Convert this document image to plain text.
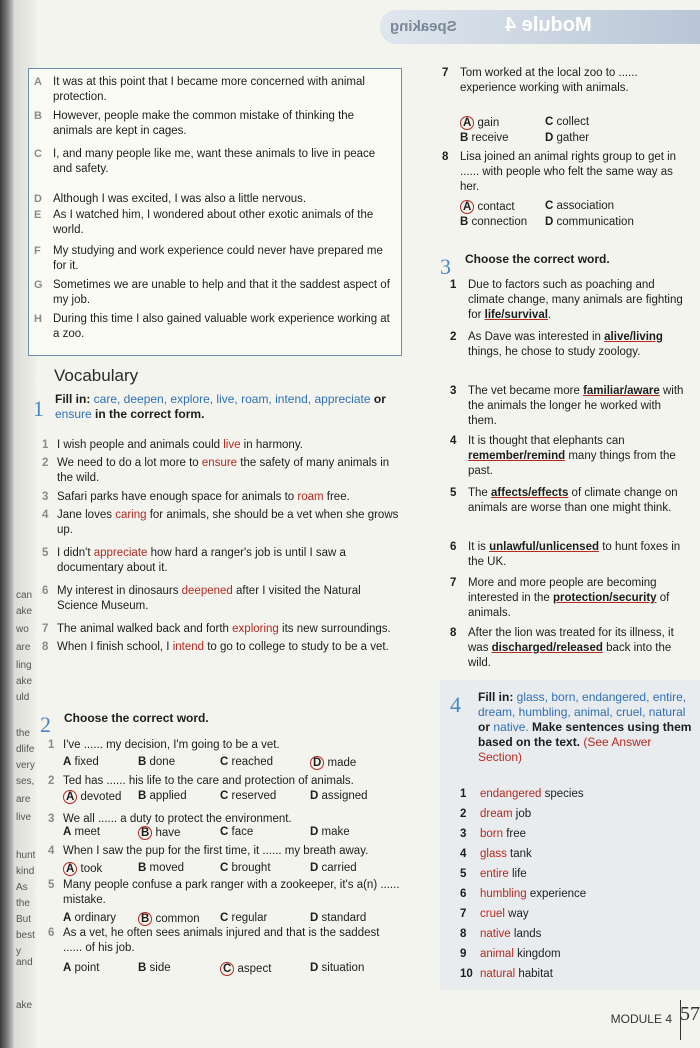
can
ake
wo
are
ling
ake
uld
the
dlife
very
ses,
are
live
hunt
kind
As
the
But
best
y and
ake
Speaking Module 4
A It was at this point that I became more concerned with animal protection.
B However, people make the common mistake of thinking the animals are kept in cages.
C I, and many people like me, want these animals to live in peace and safety.
D Although I was excited, I was also a little nervous.
E As I watched him, I wondered about other exotic animals of the world.
F My studying and work experience could never have prepared me for it.
G Sometimes we are unable to help and that it the saddest aspect of my job.
H During this time I also gained valuable work experience working at a zoo.
Vocabulary
1 Fill in: care, deepen, explore, live, roam, intend, appreciate or ensure in the correct form.
1 I wish people and animals could live in harmony.
2 We need to do a lot more to ensure the safety of many animals in the wild.
3 Safari parks have enough space for animals to roam free.
4 Jane loves caring for animals, she should be a vet when she grows up.
5 I didn't appreciate how hard a ranger's job is until I saw a documentary about it.
6 My interest in dinosaurs deepened after I visited the Natural Science Museum.
7 The animal walked back and forth exploring its new surroundings.
8 When I finish school, I intend to go to college to study to be a vet.
2 Choose the correct word.
1 I've ...... my decision, I'm going to be a vet.
A fixed	B done	C reached	D made
2 Ted has ...... his life to the care and protection of animals.
A devoted B applied	C reserved	D assigned
3 We all ...... a duty to protect the environment.
A meet	B have	C face	D make
4 When I saw the pup for the first time, it ...... my breath away.
A took	B moved	C brought	D carried
5 Many people confuse a park ranger with a zookeeper, it's a(n) ...... mistake.
A ordinary B common C regular	D standard
6 As a vet, he often sees animals injured and that is the saddest ...... of his job.
A point	B side	C aspect	D situation
7 Tom worked at the local zoo to ...... experience working with animals.
A gain	C collect
B receive	D gather
8 Lisa joined an animal rights group to get in ...... with people who felt the same way as her.
A contact	C association
B connection D communication
3 Choose the correct word.
1 Due to factors such as poaching and climate change, many animals are fighting for life/survival.
2 As Dave was interested in alive/living things, he chose to study zoology.
3 The vet became more familiar/aware with the animals the longer he worked with them.
4 It is thought that elephants can remember/remind many things from the past.
5 The affects/effects of climate change on animals are worse than one might think.
6 It is unlawful/unlicensed to hunt foxes in the UK.
7 More and more people are becoming interested in the protection/security of animals.
8 After the lion was treated for its illness, it was discharged/released back into the wild.
4 Fill in: glass, born, endangered, entire, dream, humbling, animal, cruel, natural or native. Make sentences using them based on the text. (See Answer Section)
1 endangered species
2 dream job
3 born free
4 glass tank
5 entire life
6 humbling experience
7 cruel way
8 native lands
9 animal kingdom
10 natural habitat
MODULE 4 57
